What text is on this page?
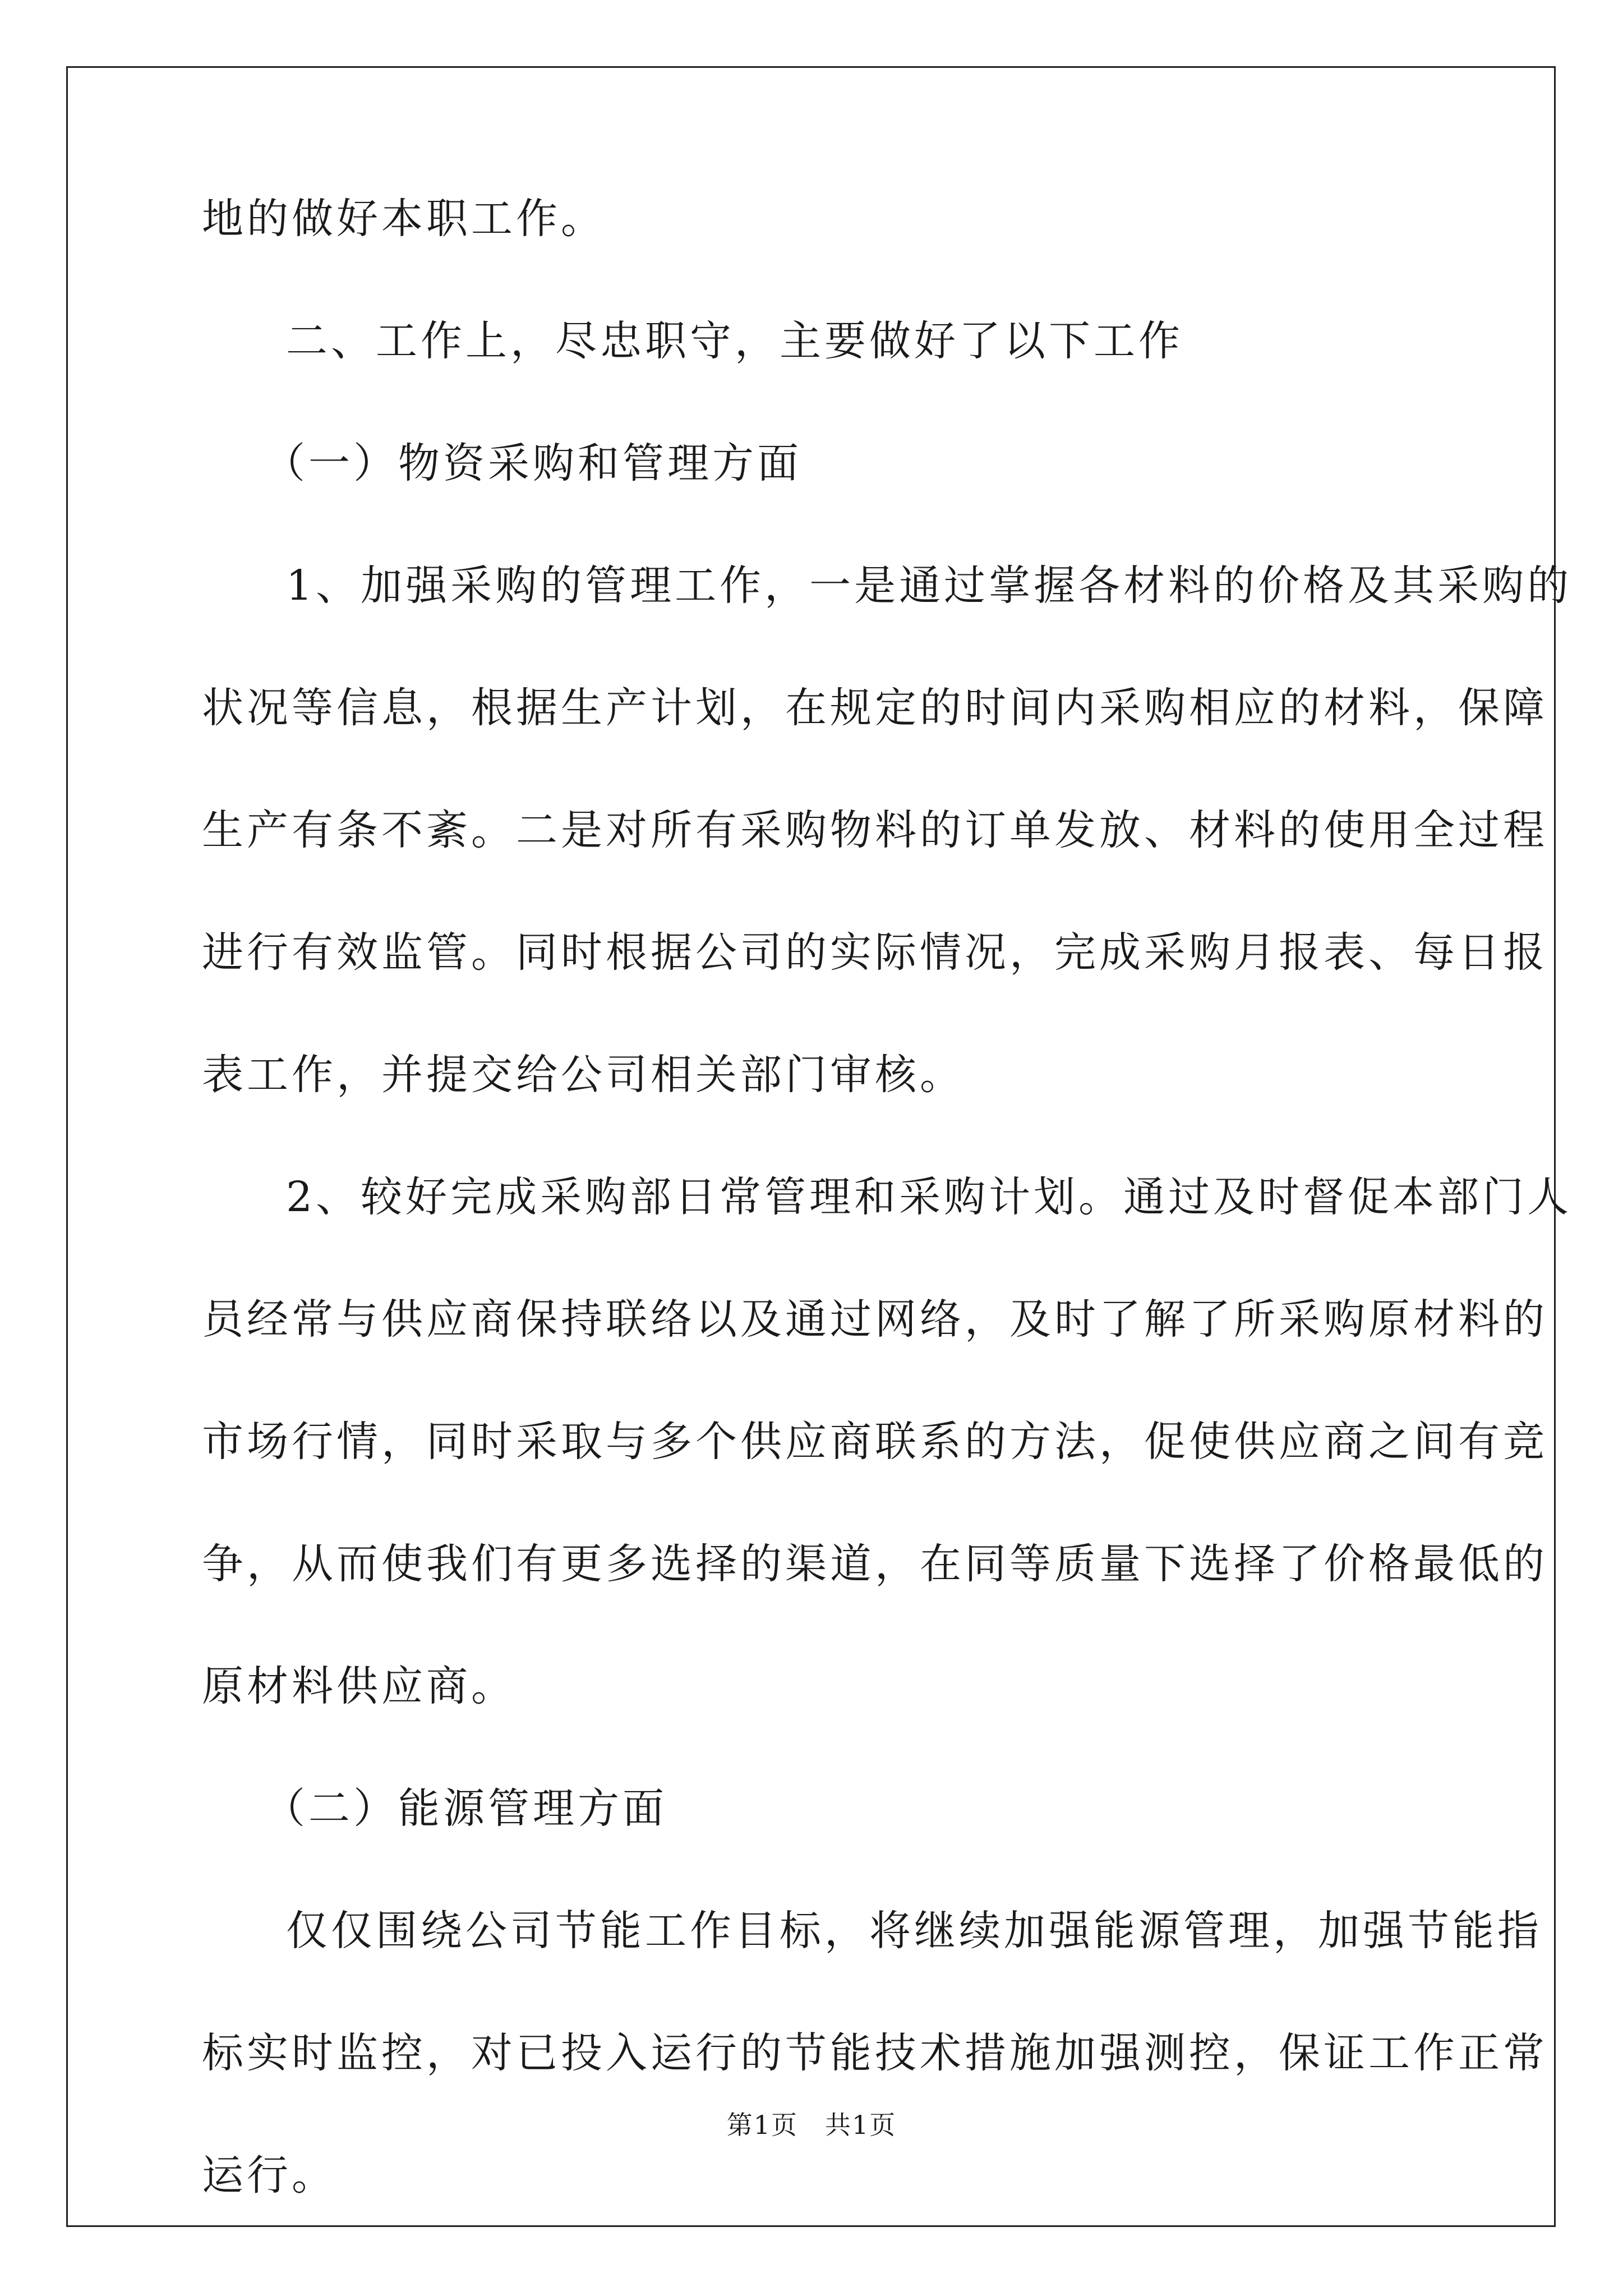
地的做好本职工作。
二、工作上，尽忠职守，主要做好了以下工作
（一）物资采购和管理方面
1、加强采购的管理工作，一是通过掌握各材料的价格及其采购的
状况等信息，根据生产计划，在规定的时间内采购相应的材料，保障
生产有条不紊。二是对所有采购物料的订单发放、材料的使用全过程
进行有效监管。同时根据公司的实际情况，完成采购月报表、每日报
表工作，并提交给公司相关部门审核。
2、较好完成采购部日常管理和采购计划。通过及时督促本部门人
员经常与供应商保持联络以及通过网络，及时了解了所采购原材料的
市场行情，同时采取与多个供应商联系的方法，促使供应商之间有竞
争，从而使我们有更多选择的渠道，在同等质量下选择了价格最低的
原材料供应商。
（二）能源管理方面
仅仅围绕公司节能工作目标，将继续加强能源管理，加强节能指
标实时监控，对已投入运行的节能技术措施加强测控，保证工作正常
运行。
第1页　共1页
